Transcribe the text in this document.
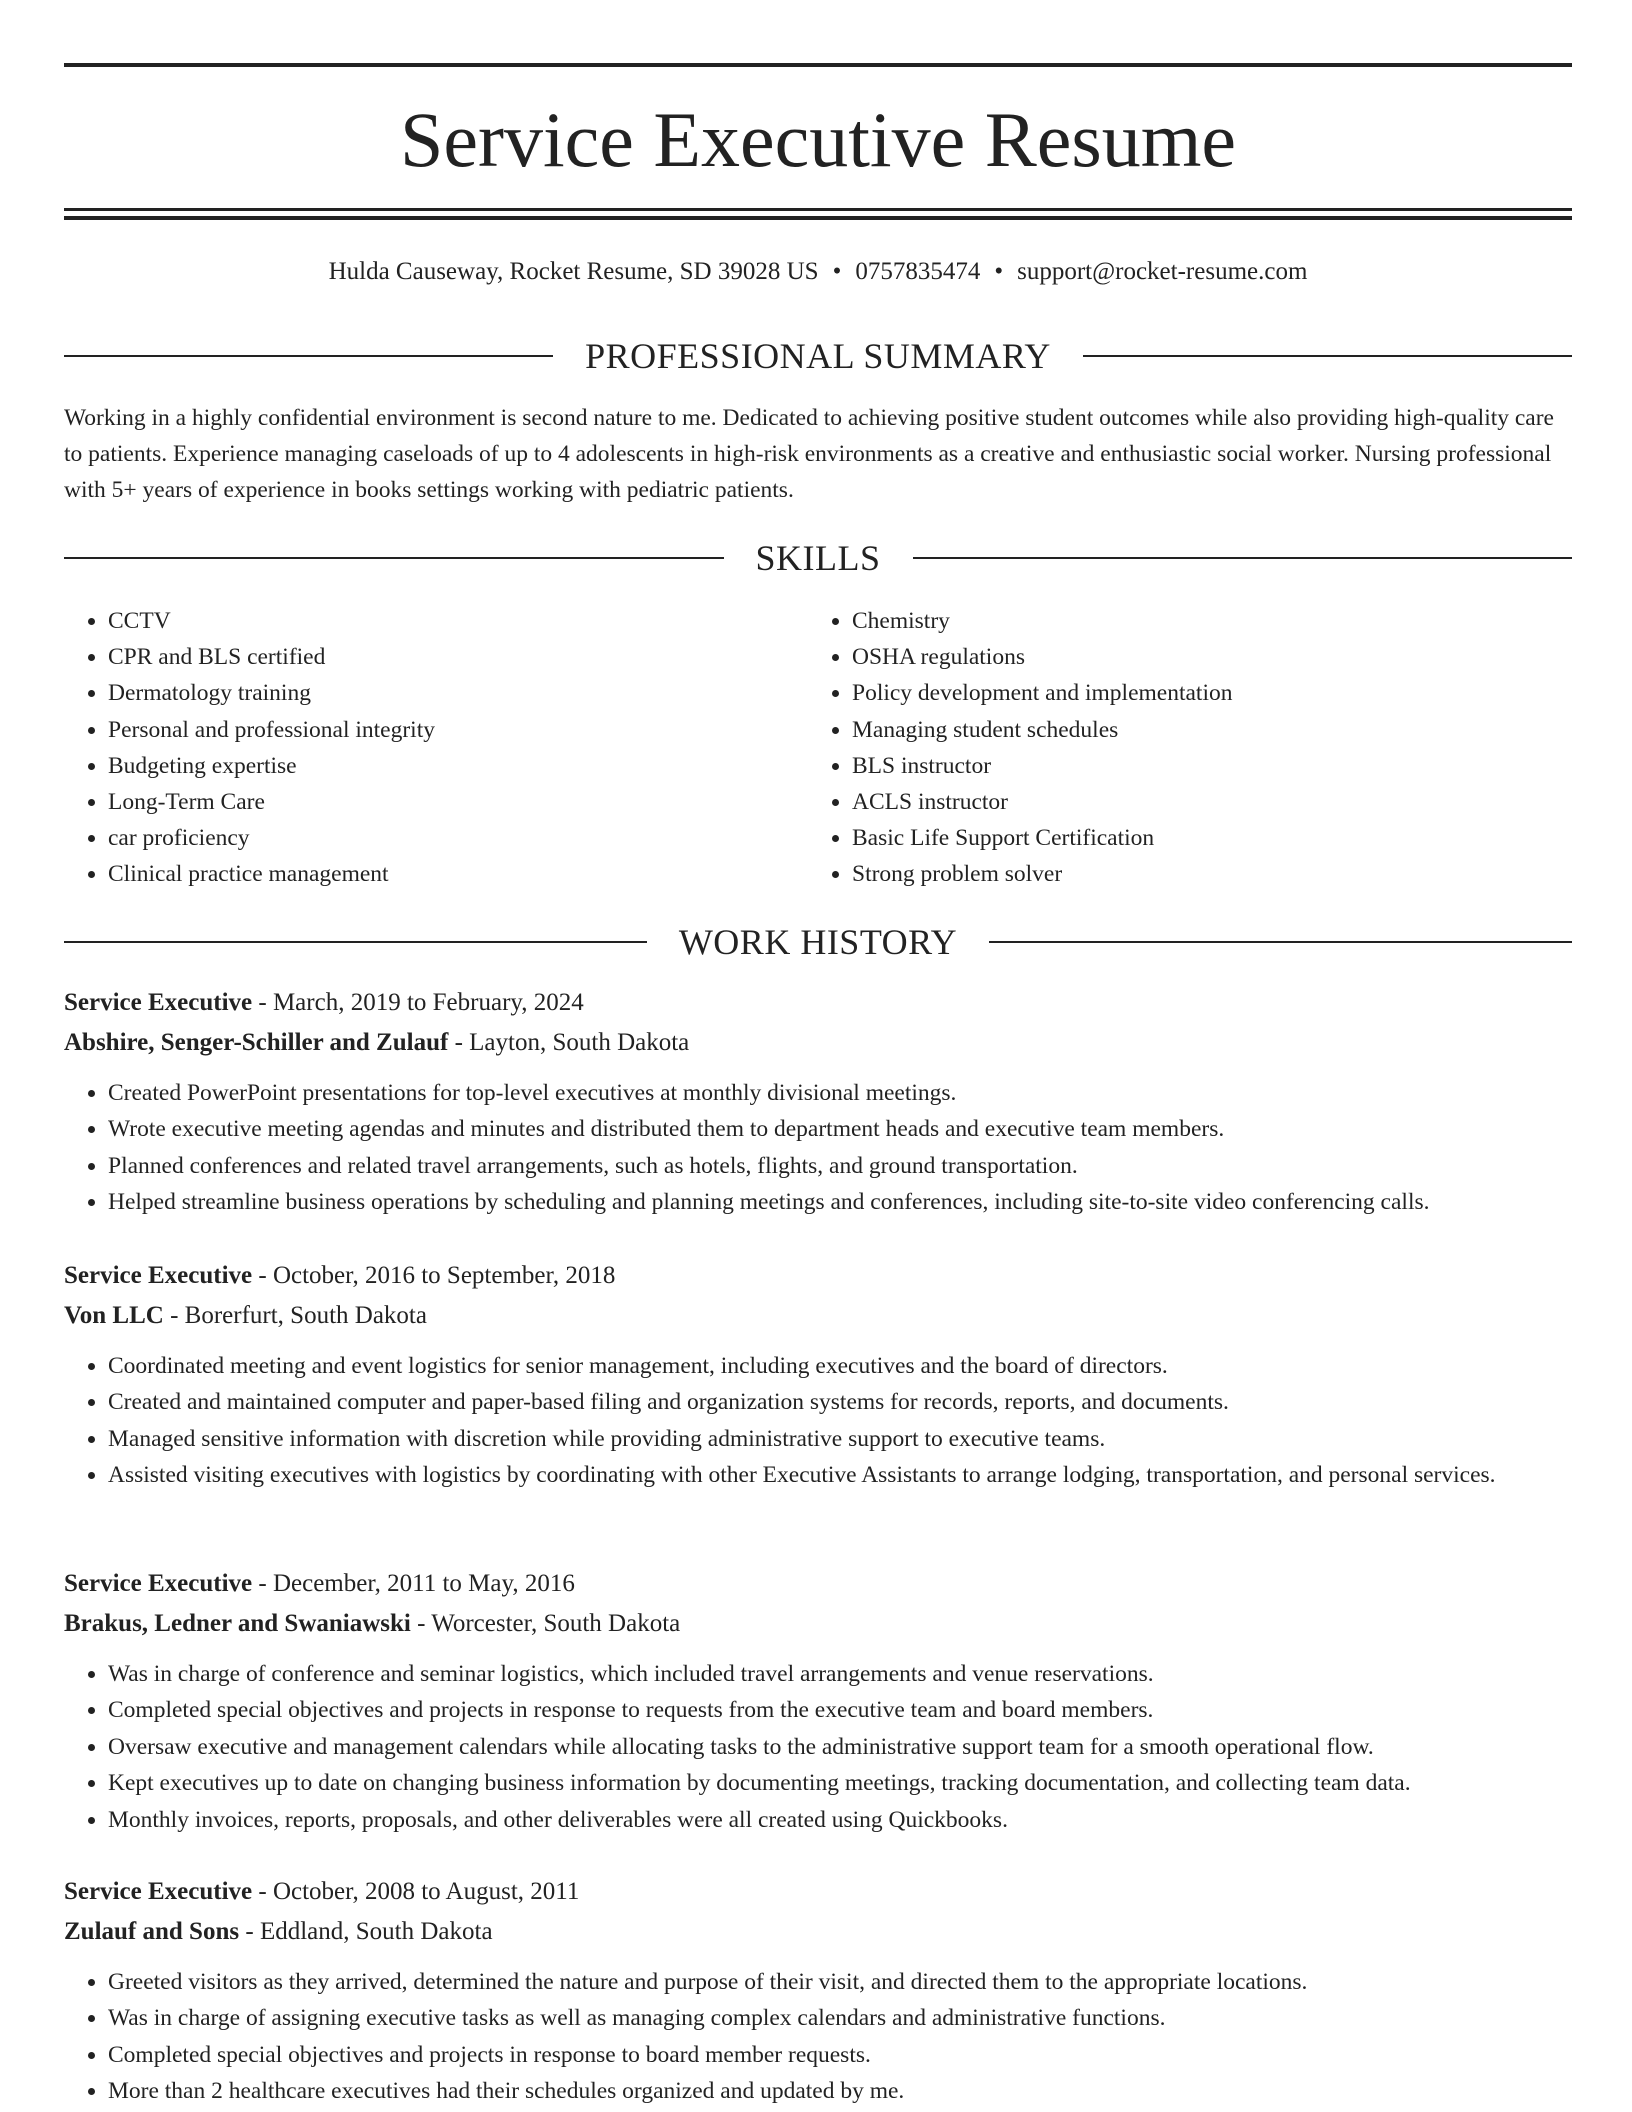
Service Executive Resume
Hulda Causeway, Rocket Resume, SD 39028 US • 0757835474 • support@rocket-resume.com
PROFESSIONAL SUMMARY

Working in a highly confidential environment is second nature to me. Dedicated to achieving positive student outcomes while also providing high-quality care to patients. Experience managing caseloads of up to 4 adolescents in high-risk environments as a creative and enthusiastic social worker. Nursing professional with 5+ years of experience in books settings working with pediatric patients.

SKILLS
• CCTV
• CPR and BLS certified
• Dermatology training
• Personal and professional integrity
• Budgeting expertise
• Long-Term Care
• car proficiency
• Clinical practice management
• Chemistry
• OSHA regulations
• Policy development and implementation
• Managing student schedules
• BLS instructor
• ACLS instructor
• Basic Life Support Certification
• Strong problem solver
WORK HISTORY
Service Executive - March, 2019 to February, 2024
Abshire, Senger-Schiller and Zulauf - Layton, South Dakota
• Created PowerPoint presentations for top-level executives at monthly divisional meetings.
• Wrote executive meeting agendas and minutes and distributed them to department heads and executive team members.
• Planned conferences and related travel arrangements, such as hotels, flights, and ground transportation.
• Helped streamline business operations by scheduling and planning meetings and conferences, including site-to-site video conferencing calls.
Service Executive - October, 2016 to September, 2018
Von LLC - Borerfurt, South Dakota
• Coordinated meeting and event logistics for senior management, including executives and the board of directors.
• Created and maintained computer and paper-based filing and organization systems for records, reports, and documents.
• Managed sensitive information with discretion while providing administrative support to executive teams.
• Assisted visiting executives with logistics by coordinating with other Executive Assistants to arrange lodging, transportation, and personal services.
Service Executive - December, 2011 to May, 2016
Brakus, Ledner and Swaniawski - Worcester, South Dakota
• Was in charge of conference and seminar logistics, which included travel arrangements and venue reservations.
• Completed special objectives and projects in response to requests from the executive team and board members.
• Oversaw executive and management calendars while allocating tasks to the administrative support team for a smooth operational flow.
• Kept executives up to date on changing business information by documenting meetings, tracking documentation, and collecting team data.
• Monthly invoices, reports, proposals, and other deliverables were all created using Quickbooks.
Service Executive - October, 2008 to August, 2011
Zulauf and Sons - Eddland, South Dakota
• Greeted visitors as they arrived, determined the nature and purpose of their visit, and directed them to the appropriate locations.
• Was in charge of assigning executive tasks as well as managing complex calendars and administrative functions.
• Completed special objectives and projects in response to board member requests.
• More than 2 healthcare executives had their schedules organized and updated by me.
